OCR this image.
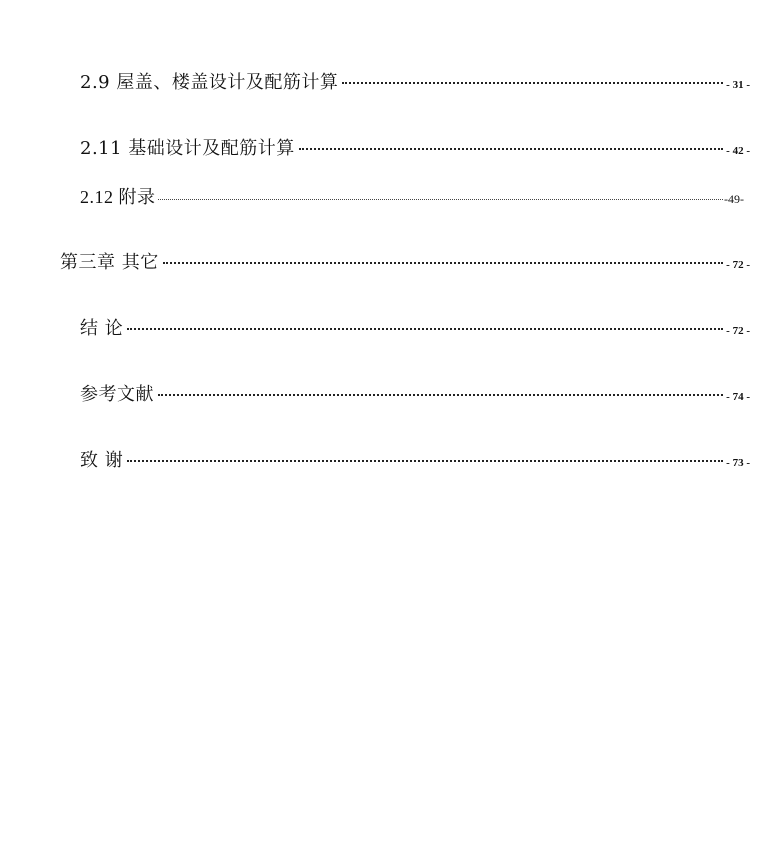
2.9 屋盖、楼盖设计及配筋计算	- 31 -
2.11 基础设计及配筋计算	- 42 -
2.12 附录	-49-
第三章 其它	- 72 -
结 论	- 72 -
参考文献	- 74 -
致 谢	- 73 -
